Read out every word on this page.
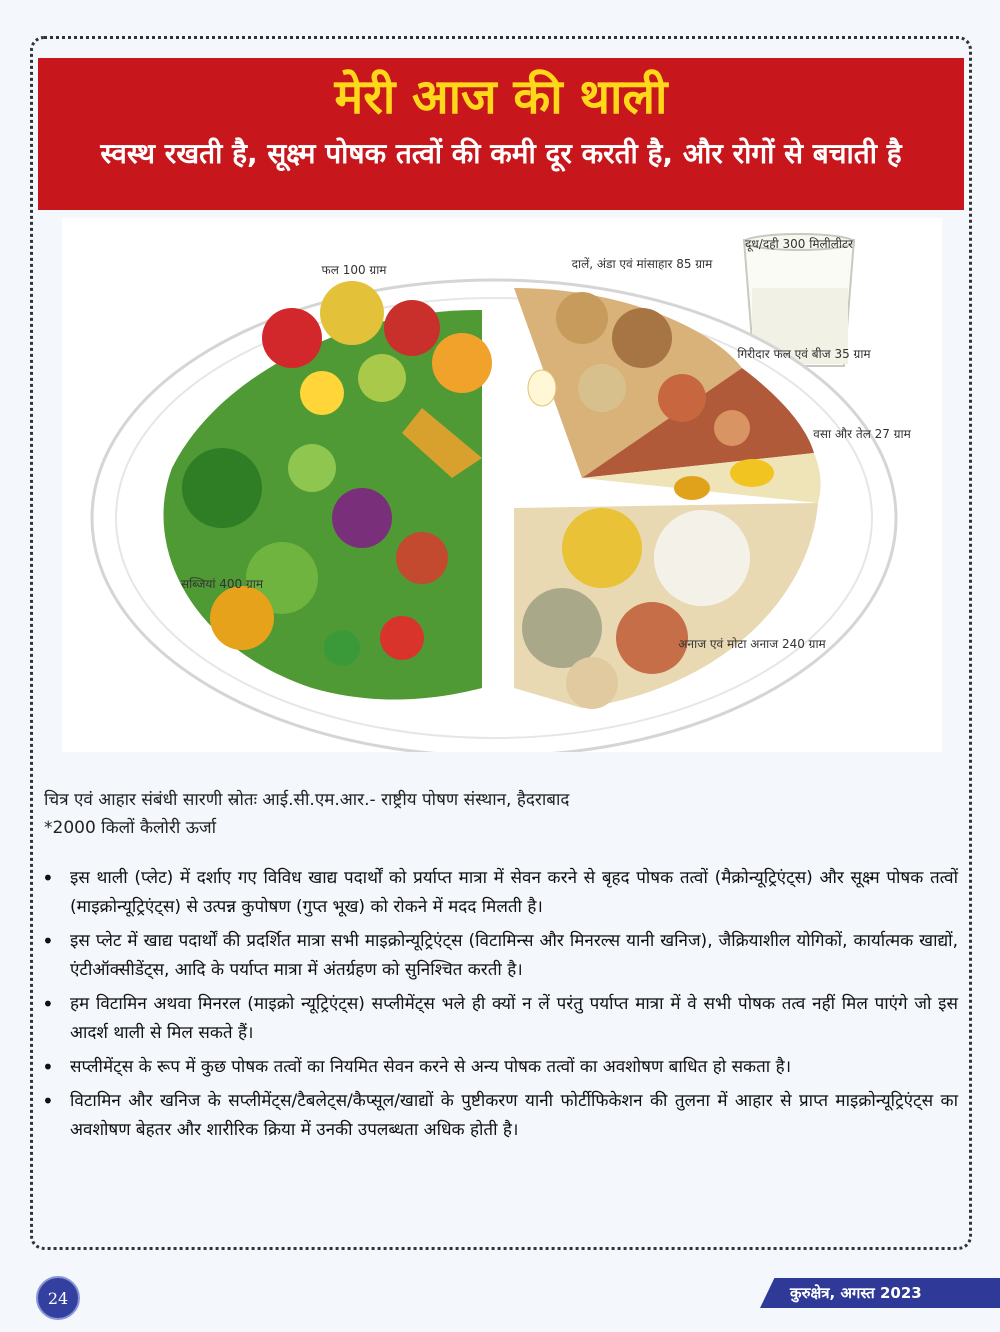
मेरी आज की थाली
स्वस्थ रखती है, सूक्ष्म पोषक तत्वों की कमी दूर करती है, और रोगों से बचाती है
दूध/दही 300 मिलीलीटर
फल 100 ग्राम	दालें, अंडा एवं मांसाहार 85 ग्राम
गिरीदार फल एवं बीज 35 ग्राम
वसा और तेल 27 ग्राम
अनाज एवं मोटा अनाज 240 ग्राम
सब्जियां 400 ग्राम
चित्र एवं आहार संबंधी सारणी स्रोतः आई.सी.एम.आर.- राष्ट्रीय पोषण संस्थान, हैदराबाद
*2000 किलों कैलोरी ऊर्जा
• इस थाली (प्लेट) में दर्शाए गए विविध खाद्य पदार्थों को प्रर्याप्त मात्रा में सेवन करने से बृहद पोषक तत्वों (मैक्रोन्यूट्रिएंट्स) और सूक्ष्म पोषक तत्वों (माइक्रोन्यूट्रिएंट्स) से उत्पन्न कुपोषण (गुप्त भूख) को रोकने में मदद मिलती है।
• इस प्लेट में खाद्य पदार्थों की प्रदर्शित मात्रा सभी माइक्रोन्यूट्रिएंट्स (विटामिन्स और मिनरल्स यानी खनिज), जैक्रियाशील योगिकों, कार्यात्मक खाद्यों, एंटीऑक्सीडेंट्स, आदि के पर्याप्त मात्रा में अंतर्ग्रहण को सुनिश्चित करती है।
• हम विटामिन अथवा मिनरल (माइक्रो न्यूट्रिएंट्स) सप्लीमेंट्स भले ही क्यों न लें परंतु पर्याप्त मात्रा में वे सभी पोषक तत्व नहीं मिल पाएंगे जो इस आदर्श थाली से मिल सकते हैं।
• सप्लीमेंट्स के रूप में कुछ पोषक तत्वों का नियमित सेवन करने से अन्य पोषक तत्वों का अवशोषण बाधित हो सकता है।
• विटामिन और खनिज के सप्लीमेंट्स/टैबलेट्स/कैप्सूल/खाद्यों के पुष्टीकरण यानी फोर्टीफिकेशन की तुलना में आहार से प्राप्त माइक्रोन्यूट्रिएंट्स का अवशोषण बेहतर और शारीरिक क्रिया में उनकी उपलब्धता अधिक होती है।
24	कुरुक्षेत्र, अगस्त 2023
